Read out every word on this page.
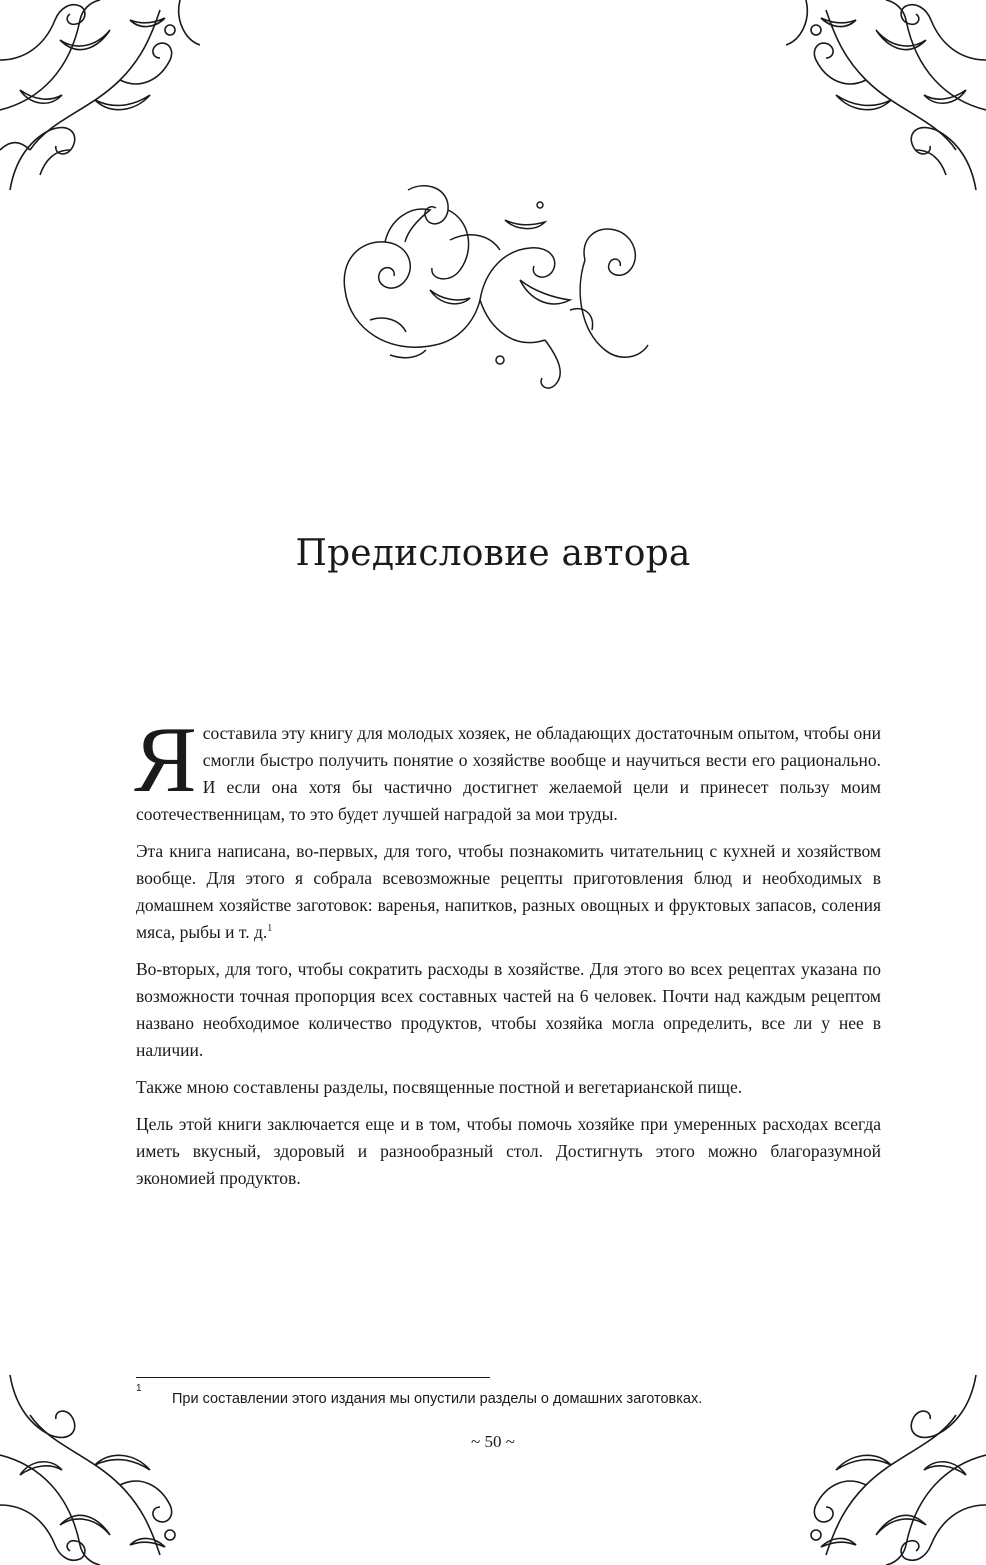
Предисловие автора

Ясоставила эту книгу для молодых хозяек, не обладающих достаточным опытом, чтобы они смогли быстро получить понятие о хозяйстве вообще и научиться вести его рационально. И если она хотя бы частично достигнет желаемой цели и принесет пользу моим соотечественницам, то это будет лучшей наградой за мои труды.

Эта книга написана, во-первых, для того, чтобы познакомить читательниц с кухней и хозяйством вообще. Для этого я собрала всевозможные рецепты приготовления блюд и необходимых в домашнем хозяйстве заготовок: варенья, напитков, разных овощных и фруктовых запасов, соления мяса, рыбы и т. д.$^1$

Во-вторых, для того, чтобы сократить расходы в хозяйстве. Для этого во всех рецептах указана по возможности точная пропорция всех составных частей на 6 человек. Почти над каждым рецептом названо необходимое количество продуктов, чтобы хозяйка могла определить, все ли у нее в наличии.

Также мною составлены разделы, посвященные постной и вегетарианской пище.

Цель этой книги заключается еще и в том, чтобы помочь хозяйке при умеренных расходах всегда иметь вкусный, здоровый и разнообразный стол. Достигнуть этого можно благоразумной экономией продуктов.

1
При составлении этого издания мы опустили разделы о домашних заготовках.
~ 50 ~
